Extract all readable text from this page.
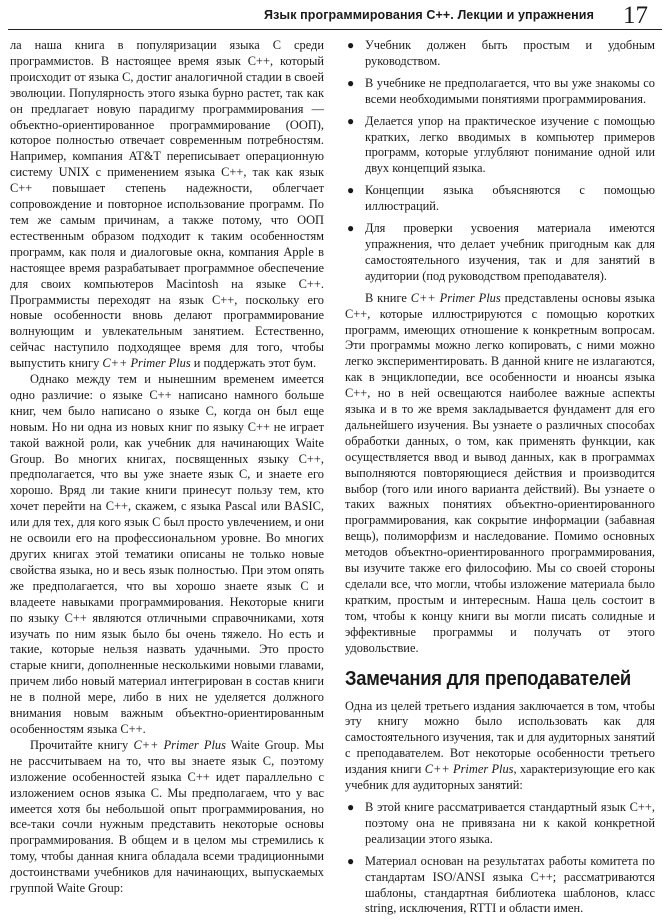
Язык программирования С++. Лекции и упражнения 17

ла наша книга в популяризации языка С среди программистов. В настоящее время язык С++, который происходит от языка С, достиг аналогичной стадии в своей эволюции. Популярность этого языка бурно растет, так как он предлагает новую парадигму программирования — объектно-ориентированное программирование (ООП), которое полностью отвечает современным потребностям. Например, компания AT&T переписывает операционную систему UNIX с применением языка С++, так как язык С++ повышает степень надежности, облегчает сопровождение и повторное использование программ. По тем же самым причинам, а также потому, что ООП естественным образом подходит к таким особенностям программ, как поля и диалоговые окна, компания Apple в настоящее время разрабатывает программное обеспечение для своих компьютеров Macintosh на языке С++. Программисты переходят на язык С++, поскольку его новые особенности вновь делают программирование волнующим и увлекательным занятием. Естественно, сейчас наступило подходящее время для того, чтобы выпустить книгу C++ Primer Plus и поддержать этот бум.

Однако между тем и нынешним временем имеется одно различие: о языке С++ написано намного больше книг, чем было написано о языке С, когда он был еще новым. Но ни одна из новых книг по языку С++ не играет такой важной роли, как учебник для начинающих Waite Group. Во многих книгах, посвященных языку С++, предполагается, что вы уже знаете язык С, и знаете его хорошо. Вряд ли такие книги принесут пользу тем, кто хочет перейти на С++, скажем, с языка Pascal или BASIC, или для тех, для кого язык С был просто увлечением, и они не освоили его на профессиональном уровне. Во многих других книгах этой тематики описаны не только новые свойства языка, но и весь язык полностью. При этом опять же предполагается, что вы хорошо знаете язык С и владеете навыками программирования. Некоторые книги по языку С++ являются отличными справочниками, хотя изучать по ним язык было бы очень тяжело. Но есть и такие, которые нельзя назвать удачными. Это просто старые книги, дополненные несколькими новыми главами, причем либо новый материал интегрирован в состав книги не в полной мере, либо в них не уделяется должного внимания новым важным объектно-ориентированным особенностям языка С++.

Прочитайте книгу C++ Primer Plus Waite Group. Мы не рассчитываем на то, что вы знаете язык С, поэтому изложение особенностей языка С++ идет параллельно с изложением основ языка С. Мы предполагаем, что у вас имеется хотя бы небольшой опыт программирования, но все-таки сочли нужным представить некоторые основы программирования. В общем и в целом мы стремились к тому, чтобы данная книга обладала всеми традиционными достоинствами учебников для начинающих, выпускаемых группой Waite Group:

● Учебник должен быть простым и удобным руководством.
● В учебнике не предполагается, что вы уже знакомы со всеми необходимыми понятиями программирования.
● Делается упор на практическое изучение с помощью кратких, легко вводимых в компьютер примеров программ, которые углубляют понимание одной или двух концепций языка.
● Концепции языка объясняются с помощью иллюстраций.
● Для проверки усвоения материала имеются упражнения, что делает учебник пригодным как для самостоятельного изучения, так и для занятий в аудитории (под руководством преподавателя).

В книге C++ Primer Plus представлены основы языка С++, которые иллюстрируются с помощью коротких программ, имеющих отношение к конкретным вопросам. Эти программы можно легко копировать, с ними можно легко экспериментировать. В данной книге не излагаются, как в энциклопедии, все особенности и нюансы языка С++, но в ней освещаются наиболее важные аспекты языка и в то же время закладывается фундамент для его дальнейшего изучения. Вы узнаете о различных способах обработки данных, о том, как применять функции, как осуществляется ввод и вывод данных, как в программах выполняются повторяющиеся действия и производится выбор (того или иного варианта действий). Вы узнаете о таких важных понятиях объектно-ориентированного программирования, как сокрытие информации (забавная вещь), полиморфизм и наследование. Помимо основных методов объектно-ориентированного программирования, вы изучите также его философию. Мы со своей стороны сделали все, что могли, чтобы изложение материала было кратким, простым и интересным. Наша цель состоит в том, чтобы к концу книги вы могли писать солидные и эффективные программы и получать от этого удовольствие.

Замечания для преподавателей

Одна из целей третьего издания заключается в том, чтобы эту книгу можно было использовать как для самостоятельного изучения, так и для аудиторных занятий с преподавателем. Вот некоторые особенности третьего издания книги C++ Primer Plus, характеризующие его как учебник для аудиторных занятий:

● В этой книге рассматривается стандартный язык С++, поэтому она не привязана ни к какой конкретной реализации этого языка.
● Материал основан на результатах работы комитета по стандартам ISO/ANSI языка С++; рассматриваются шаблоны, стандартная библиотека шаблонов, класс string, исключения, RTTI и области имен.
